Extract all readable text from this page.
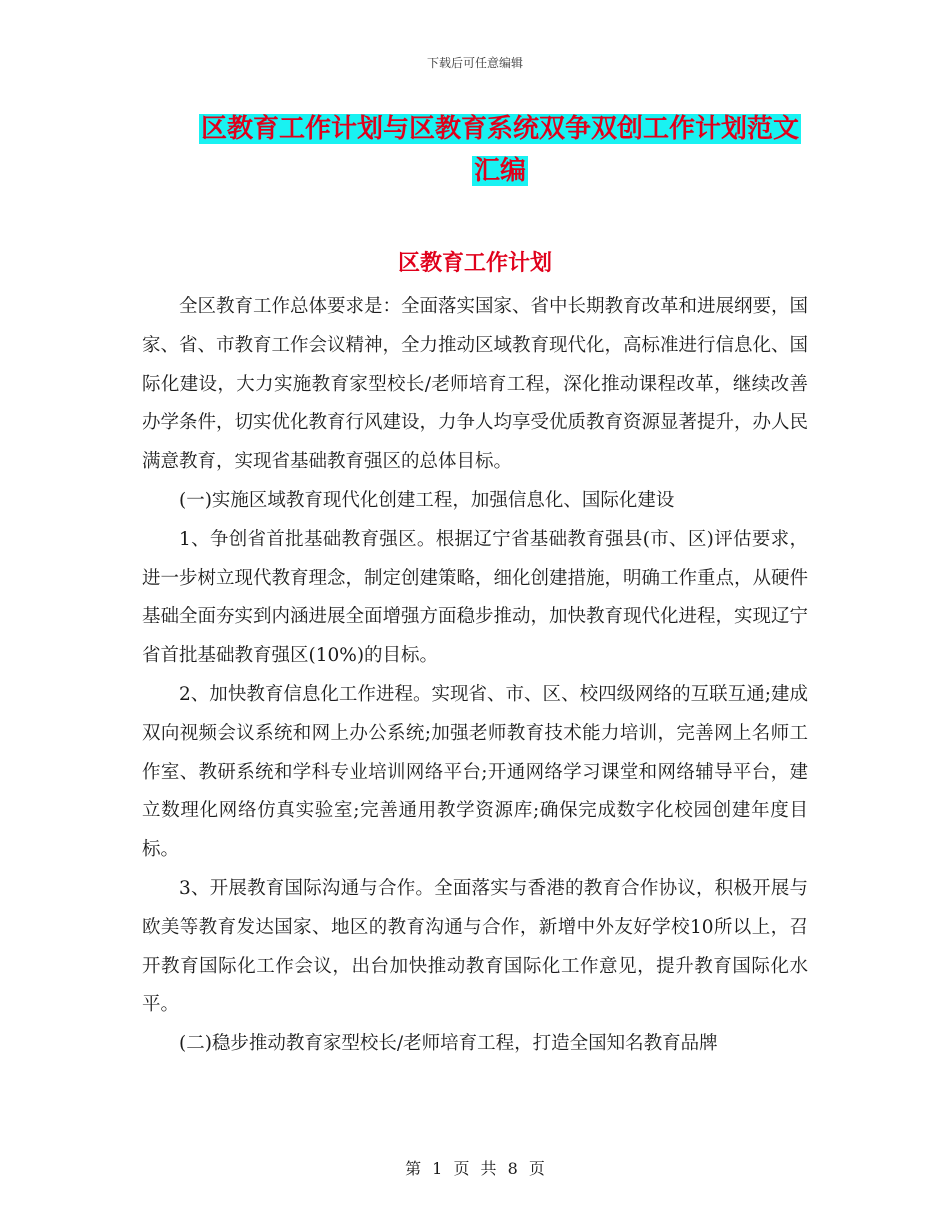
下载后可任意编辑
区教育工作计划与区教育系统双争双创工作计划范文
汇编
区教育工作计划

全区教育工作总体要求是：全面落实国家、省中长期教育改革和进展纲要，国家、省、市教育工作会议精神，全力推动区域教育现代化，高标准进行信息化、国际化建设，大力实施教育家型校长/老师培育工程，深化推动课程改革，继续改善办学条件，切实优化教育行风建设，力争人均享受优质教育资源显著提升，办人民满意教育，实现省基础教育强区的总体目标。

(一)实施区域教育现代化创建工程，加强信息化、国际化建设

1、争创省首批基础教育强区。根据辽宁省基础教育强县(市、区)评估要求，进一步树立现代教育理念，制定创建策略，细化创建措施，明确工作重点，从硬件基础全面夯实到内涵进展全面增强方面稳步推动，加快教育现代化进程，实现辽宁省首批基础教育强区(10%)的目标。

2、加快教育信息化工作进程。实现省、市、区、校四级网络的互联互通;建成双向视频会议系统和网上办公系统;加强老师教育技术能力培训，完善网上名师工作室、教研系统和学科专业培训网络平台;开通网络学习课堂和网络辅导平台，建立数理化网络仿真实验室;完善通用教学资源库;确保完成数字化校园创建年度目标。

3、开展教育国际沟通与合作。全面落实与香港的教育合作协议，积极开展与欧美等教育发达国家、地区的教育沟通与合作，新增中外友好学校10所以上，召开教育国际化工作会议，出台加快推动教育国际化工作意见，提升教育国际化水平。

(二)稳步推动教育家型校长/老师培育工程，打造全国知名教育品牌

第 1 页 共 8 页
